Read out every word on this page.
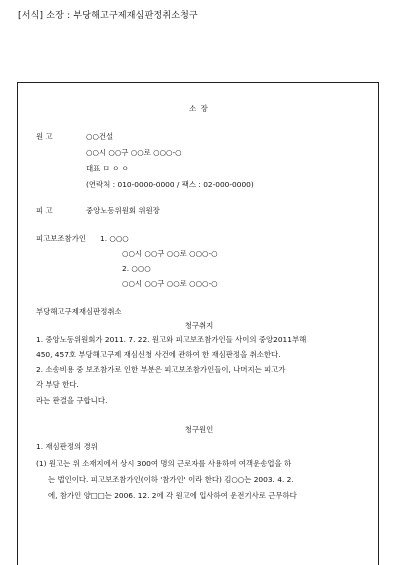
[서식] 소장 : 부당해고구제재심판정취소청구
소 장
원 고	○○건설
○○시 ○○구 ○○로 ○○○-○
대표 ㅁ ㅇ ㅇ
(연락처 : 010-0000-0000 / 팩스 : 02-000-0000)
피 고	중앙노동위원회 위원장
피고보조참가인 1. ○○○
○○시 ○○구 ○○로 ○○○-○
2. ○○○
○○시 ○○구 ○○로 ○○○-○
부당해고구제재심판정취소
청구취지
1. 중앙노동위원회가 2011. 7. 22. 원고와 피고보조참가인들 사이의 중앙2011부해
450, 457호 부당해고구제 재심신청 사건에 관하여 한 재심판정을 취소한다.
2. 소송비용 중 보조참가로 인한 부분은 피고보조참가인들이, 나머지는 피고가
각 부담 한다.
라는 판결을 구합니다.
청구원인
1. 재심판정의 경위
(1) 원고는 위 소재지에서 상시 300여 명의 근로자를 사용하여 여객운송업을 하
는 법인이다. 피고보조참가인(이하 '참가인' 이라 한다) 김○○는 2003. 4. 2.
에, 참가인 양□□는 2006. 12. 2에 각 원고에 입사하여 운전기사로 근무하다
